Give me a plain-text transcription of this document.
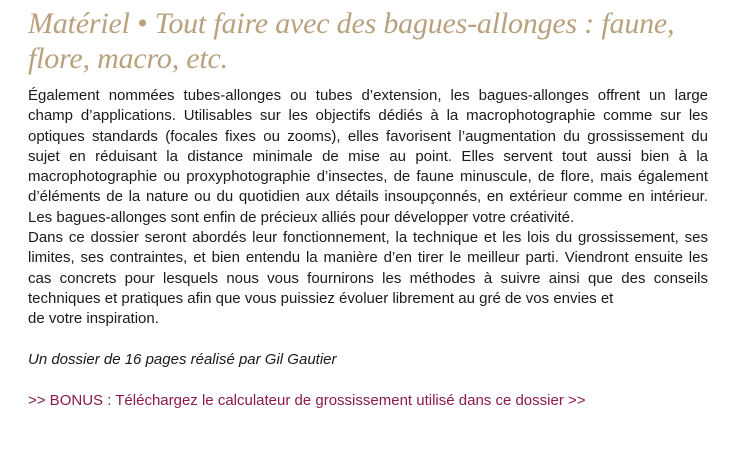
Matériel • Tout faire avec des bagues-allonges : faune, flore, macro, etc.
Également nommées tubes-allonges ou tubes d’extension, les bagues-allonges offrent un large champ d’applications. Utilisables sur les objectifs dédiés à la macrophotographie comme sur les optiques standards (focales fixes ou zooms), elles favorisent l’augmentation du grossissement du sujet en réduisant la distance minimale de mise au point. Elles servent tout aussi bien à la macrophotographie ou proxyphotographie d’insectes, de faune minuscule, de flore, mais également d’éléments de la nature ou du quotidien aux détails insoupçonnés, en extérieur comme en intérieur. Les bagues-allonges sont enfin de précieux alliés pour développer votre créativité.
Dans ce dossier seront abordés leur fonctionnement, la technique et les lois du grossissement, ses limites, ses contraintes, et bien entendu la manière d’en tirer le meilleur parti. Viendront ensuite les cas concrets pour lesquels nous vous fournirons les méthodes à suivre ainsi que des conseils techniques et pratiques afin que vous puissiez évoluer librement au gré de vos envies et
de votre inspiration.
Un dossier de 16 pages réalisé par Gil Gautier
>> BONUS : Téléchargez le calculateur de grossissement utilisé dans ce dossier >>
